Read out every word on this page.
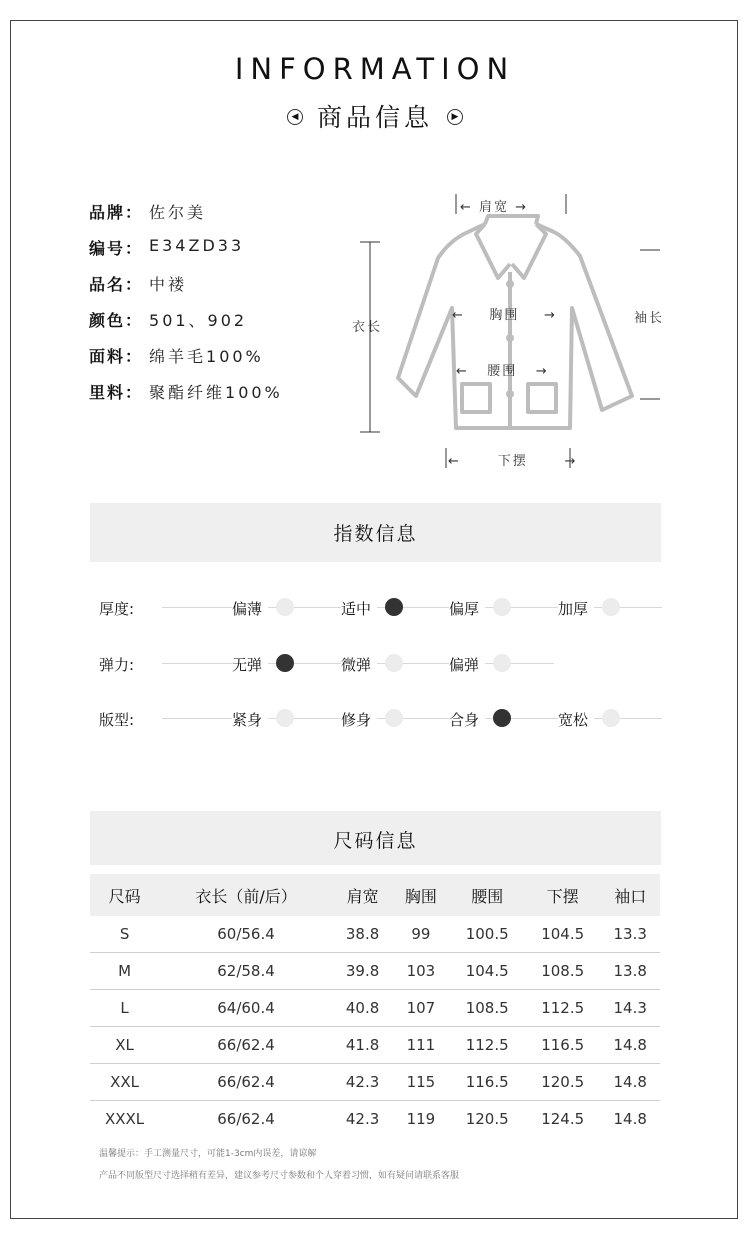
INFORMATION
◀ 商品信息 ▶
品牌： 佐尔美
编号： E34ZD33
品名： 中褛
颜色： 501、902
面料： 绵羊毛100%
里料： 聚酯纤维100%
← 肩宽 →
衣长
←    胸围    →
←   腰围   →
袖长
←      下摆      →
指数信息
厚度:	偏薄	适中	偏厚	加厚
弹力:	无弹	微弹	偏弹
版型:	紧身	修身	合身	宽松
尺码信息
尺码	衣长（前/后）	肩宽	胸围	腰围	下摆	袖口
S	60/56.4	38.8	99	100.5	104.5	13.3
M	62/58.4	39.8	103	104.5	108.5	13.8
L	64/60.4	40.8	107	108.5	112.5	14.3
XL	66/62.4	41.8	111	112.5	116.5	14.8
XXL	66/62.4	42.3	115	116.5	120.5	14.8
XXXL	66/62.4	42.3	119	120.5	124.5	14.8
温馨提示：手工测量尺寸，可能1-3cm内误差，请谅解
产品不同版型尺寸选择稍有差异，建议参考尺寸参数和个人穿着习惯，如有疑问请联系客服
